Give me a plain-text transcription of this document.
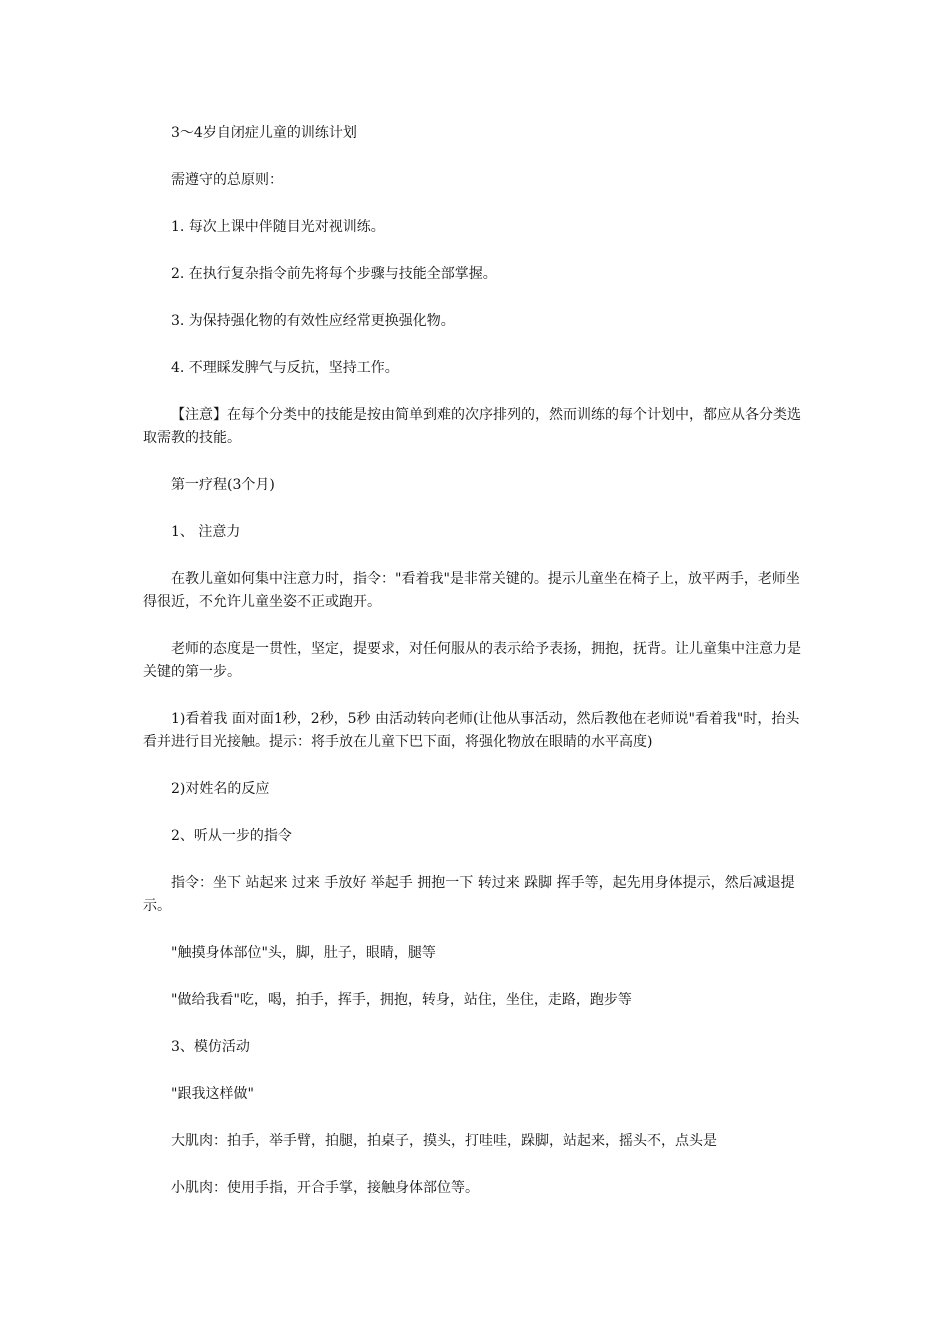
3～4岁自闭症儿童的训练计划

需遵守的总原则：

1. 每次上课中伴随目光对视训练。

2. 在执行复杂指令前先将每个步骤与技能全部掌握。

3. 为保持强化物的有效性应经常更换强化物。

4. 不理睬发脾气与反抗，坚持工作。

【注意】在每个分类中的技能是按由简单到难的次序排列的，然而训练的每个计划中，都应从各分类选取需教的技能。

第一疗程(3个月)

1、 注意力

在教儿童如何集中注意力时，指令："看着我"是非常关键的。提示儿童坐在椅子上，放平两手，老师坐得很近，不允许儿童坐姿不正或跑开。

老师的态度是一贯性，坚定，提要求，对任何服从的表示给予表扬，拥抱，抚背。让儿童集中注意力是关键的第一步。

1)看着我 面对面1秒，2秒，5秒 由活动转向老师(让他从事活动，然后教他在老师说"看着我"时，抬头看并进行目光接触。提示：将手放在儿童下巴下面，将强化物放在眼睛的水平高度)

2)对姓名的反应

2、听从一步的指令

指令：坐下 站起来 过来 手放好 举起手 拥抱一下 转过来 跺脚 挥手等，起先用身体提示，然后减退提示。

"触摸身体部位"头，脚，肚子，眼睛，腿等

"做给我看"吃，喝，拍手，挥手，拥抱，转身，站住，坐住，走路，跑步等

3、模仿活动

"跟我这样做"

大肌肉：拍手，举手臂，拍腿，拍桌子，摸头，打哇哇，跺脚，站起来，摇头不，点头是

小肌肉：使用手指，开合手掌，接触身体部位等。
